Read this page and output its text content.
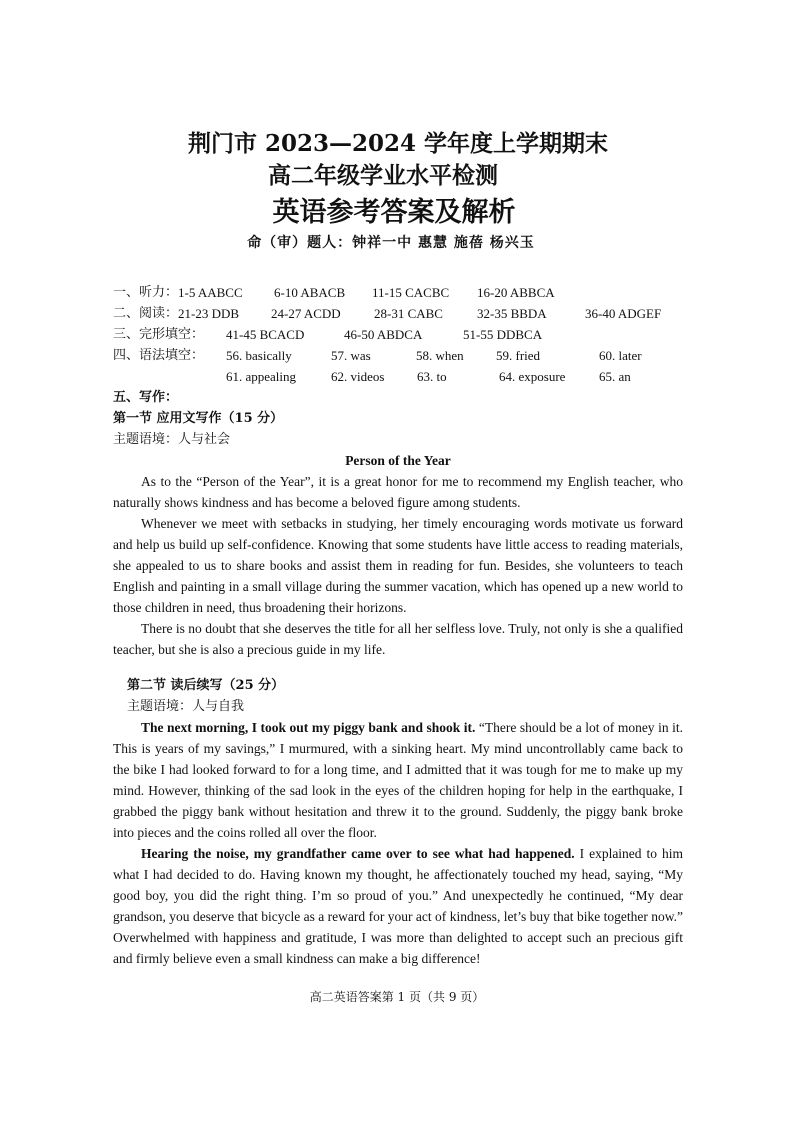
荆门市 2023—2024 学年度上学期期末
高二年级学业水平检测
英语参考答案及解析
命（审）题人：钟祥一中 惠慧 施蓓 杨兴玉
一、听力： 1-5 AABCC 6-10 ABACB 11-15 CACBC 16-20 ABBCA
二、阅读： 21-23 DDB 24-27 ACDD	28-31 CABC	32-35 BBDA	36-40 ADGEF
三、完形填空： 41-45 BCACD	46-50 ABDCA	51-55 DDBCA
四、语法填空： 56. basically	57. was	58. when 59. fried	60. later
61. appealing	62. videos	63. to	64. exposure	65. an
五、写作：
第一节 应用文写作（15 分）
主题语境：人与社会

Person of the Year

As to the “Person of the Year”, it is a great honor for me to recommend my English teacher, who naturally shows kindness and has become a beloved figure among students.

Whenever we meet with setbacks in studying, her timely encouraging words motivate us forward and help us build up self-confidence. Knowing that some students have little access to reading materials, she appealed to us to share books and assist them in reading for fun. Besides, she volunteers to teach English and painting in a small village during the summer vacation, which has opened up a new world to those children in need, thus broadening their horizons.

There is no doubt that she deserves the title for all her selfless love. Truly, not only is she a qualified teacher, but she is also a precious guide in my life.

第二节 读后续写（25 分）
主题语境：人与自我

The next morning, I took out my piggy bank and shook it. “There should be a lot of money in it. This is years of my savings,” I murmured, with a sinking heart. My mind uncontrollably came back to the bike I had looked forward to for a long time, and I admitted that it was tough for me to make up my mind. However, thinking of the sad look in the eyes of the children hoping for help in the earthquake, I grabbed the piggy bank without hesitation and threw it to the ground. Suddenly, the piggy bank broke into pieces and the coins rolled all over the floor.

Hearing the noise, my grandfather came over to see what had happened. I explained to him what I had decided to do. Having known my thought, he affectionately touched my head, saying, “My good boy, you did the right thing. I’m so proud of you.” And unexpectedly he continued, “My dear grandson, you deserve that bicycle as a reward for your act of kindness, let’s buy that bike together now.” Overwhelmed with happiness and gratitude, I was more than delighted to accept such an precious gift and firmly believe even a small kindness can make a big difference!

高二英语答案第 1 页（共 9 页）
